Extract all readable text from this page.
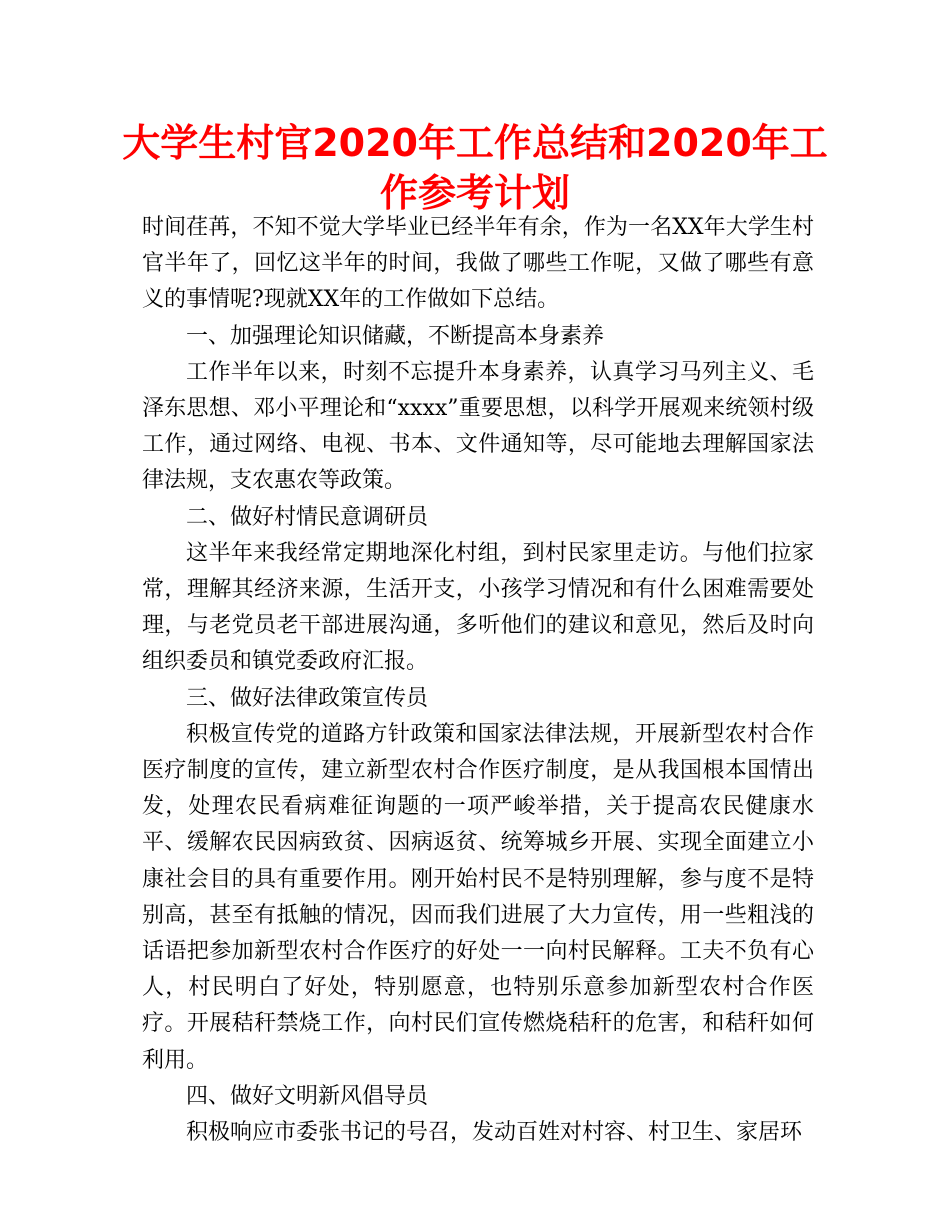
大学生村官2020年工作总结和2020年工作参考计划

时间荏苒，不知不觉大学毕业已经半年有余，作为一名XX年大学生村官半年了，回忆这半年的时间，我做了哪些工作呢，又做了哪些有意义的事情呢?现就XX年的工作做如下总结。

一、加强理论知识储藏，不断提高本身素养

工作半年以来，时刻不忘提升本身素养，认真学习马列主义、毛泽东思想、邓小平理论和“xxxx”重要思想，以科学开展观来统领村级工作，通过网络、电视、书本、文件通知等，尽可能地去理解国家法律法规，支农惠农等政策。

二、做好村情民意调研员

这半年来我经常定期地深化村组，到村民家里走访。与他们拉家常，理解其经济来源，生活开支，小孩学习情况和有什么困难需要处理，与老党员老干部进展沟通，多听他们的建议和意见，然后及时向组织委员和镇党委政府汇报。

三、做好法律政策宣传员

积极宣传党的道路方针政策和国家法律法规，开展新型农村合作医疗制度的宣传，建立新型农村合作医疗制度，是从我国根本国情出发，处理农民看病难征询题的一项严峻举措，关于提高农民健康水平、缓解农民因病致贫、因病返贫、统筹城乡开展、实现全面建立小康社会目的具有重要作用。刚开始村民不是特别理解，参与度不是特别高，甚至有抵触的情况，因而我们进展了大力宣传，用一些粗浅的话语把参加新型农村合作医疗的好处一一向村民解释。工夫不负有心人，村民明白了好处，特别愿意，也特别乐意参加新型农村合作医疗。开展秸秆禁烧工作，向村民们宣传燃烧秸秆的危害，和秸秆如何利用。

四、做好文明新风倡导员

积极响应市委张书记的号召，发动百姓对村容、村卫生、家居环
